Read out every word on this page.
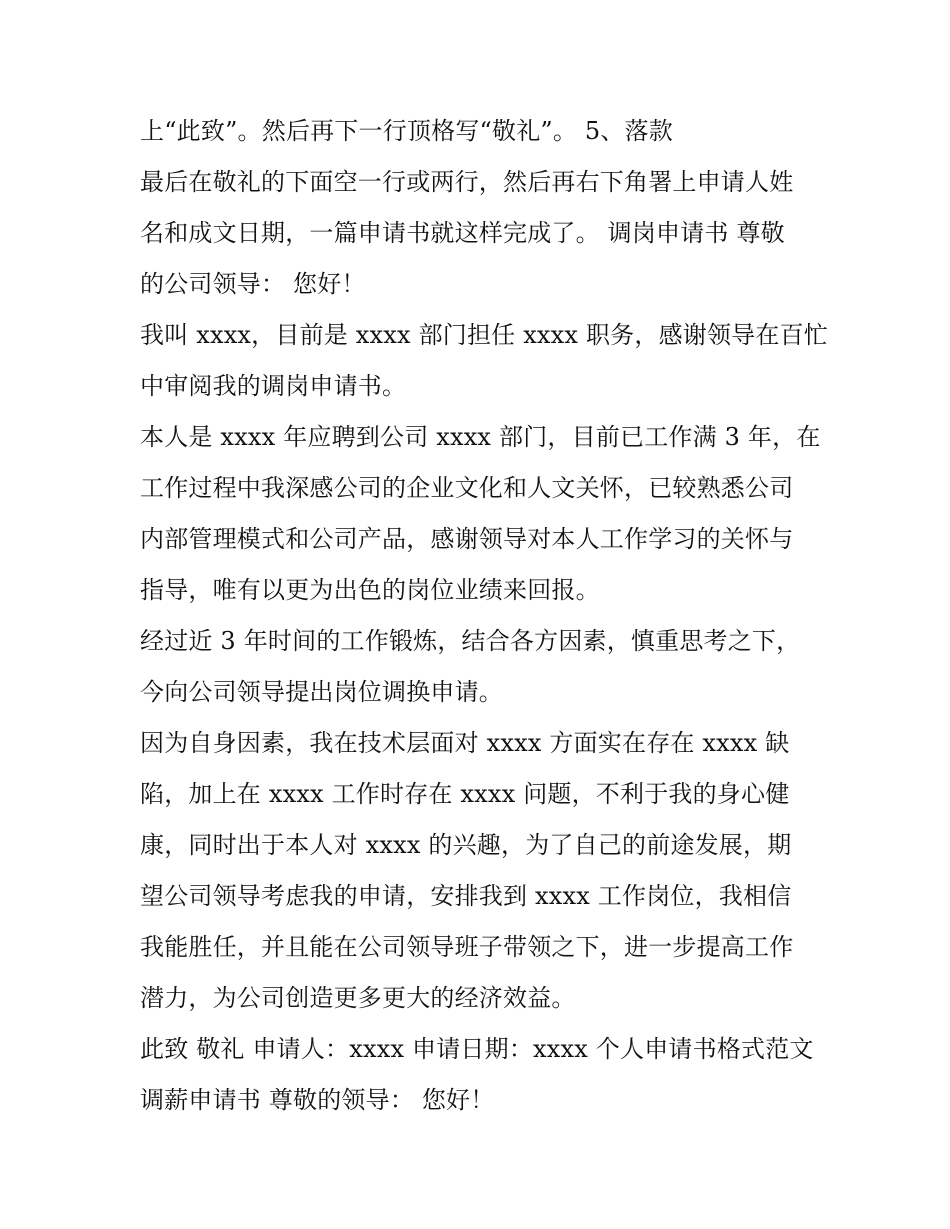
上“此致”。然后再下一行顶格写“敬礼”。 5、落款
最后在敬礼的下面空一行或两行，然后再右下角署上申请人姓
名和成文日期，一篇申请书就这样完成了。 调岗申请书 尊敬
的公司领导： 您好！
我叫 xxxx，目前是 xxxx 部门担任 xxxx 职务，感谢领导在百忙
中审阅我的调岗申请书。
本人是 xxxx 年应聘到公司 xxxx 部门，目前已工作满 3 年，在
工作过程中我深感公司的企业文化和人文关怀，已较熟悉公司
内部管理模式和公司产品，感谢领导对本人工作学习的关怀与
指导，唯有以更为出色的岗位业绩来回报。
经过近 3 年时间的工作锻炼，结合各方因素，慎重思考之下，
今向公司领导提出岗位调换申请。
因为自身因素，我在技术层面对 xxxx 方面实在存在 xxxx 缺
陷，加上在 xxxx 工作时存在 xxxx 问题，不利于我的身心健
康，同时出于本人对 xxxx 的兴趣，为了自己的前途发展，期
望公司领导考虑我的申请，安排我到 xxxx 工作岗位，我相信
我能胜任，并且能在公司领导班子带领之下，进一步提高工作
潜力，为公司创造更多更大的经济效益。
此致 敬礼 申请人：xxxx 申请日期：xxxx 个人申请书格式范文
调薪申请书 尊敬的领导： 您好！
